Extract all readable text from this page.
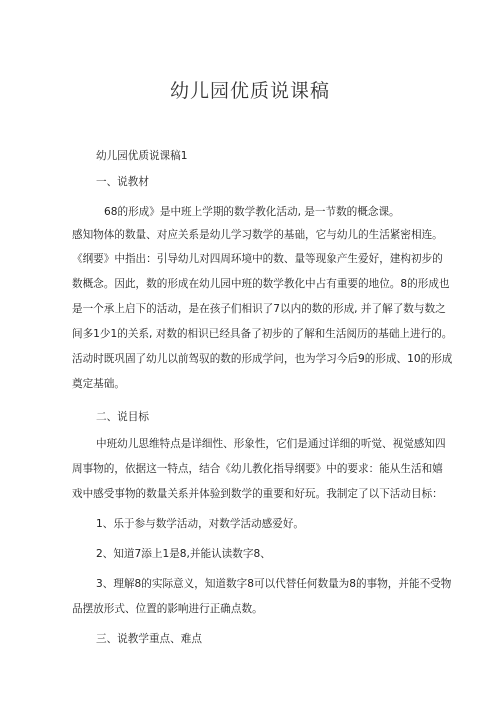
幼儿园优质说课稿
幼儿园优质说课稿1
一、说教材
68的形成》是中班上学期的数学教化活动, 是一节数的概念课。
感知物体的数量、对应关系是幼儿学习数学的基础，它与幼儿的生活紧密相连。
《纲要》中指出：引导幼儿对四周环境中的数、量等现象产生爱好，建构初步的
数概念。因此，数的形成在幼儿园中班的数学教化中占有重要的地位。8的形成也
是一个承上启下的活动，是在孩子们相识了7以内的数的形成, 并了解了数与数之
间多1少1的关系, 对数的相识已经具备了初步的了解和生活阅历的基础上进行的。
活动时既巩固了幼儿以前驾驭的数的形成学问，也为学习今后9的形成、10的形成
奠定基础。
二、说目标
中班幼儿思维特点是详细性、形象性，它们是通过详细的听觉、视觉感知四
周事物的，依据这一特点，结合《幼儿教化指导纲要》中的要求：能从生活和嬉
戏中感受事物的数量关系并体验到数学的重要和好玩。我制定了以下活动目标：
1、乐于参与数学活动，对数学活动感爱好。
2、知道7添上1是8,并能认读数字8、
3、理解8的实际意义，知道数字8可以代替任何数量为8的事物，并能不受物
品摆放形式、位置的影响进行正确点数。
三、说教学重点、难点
